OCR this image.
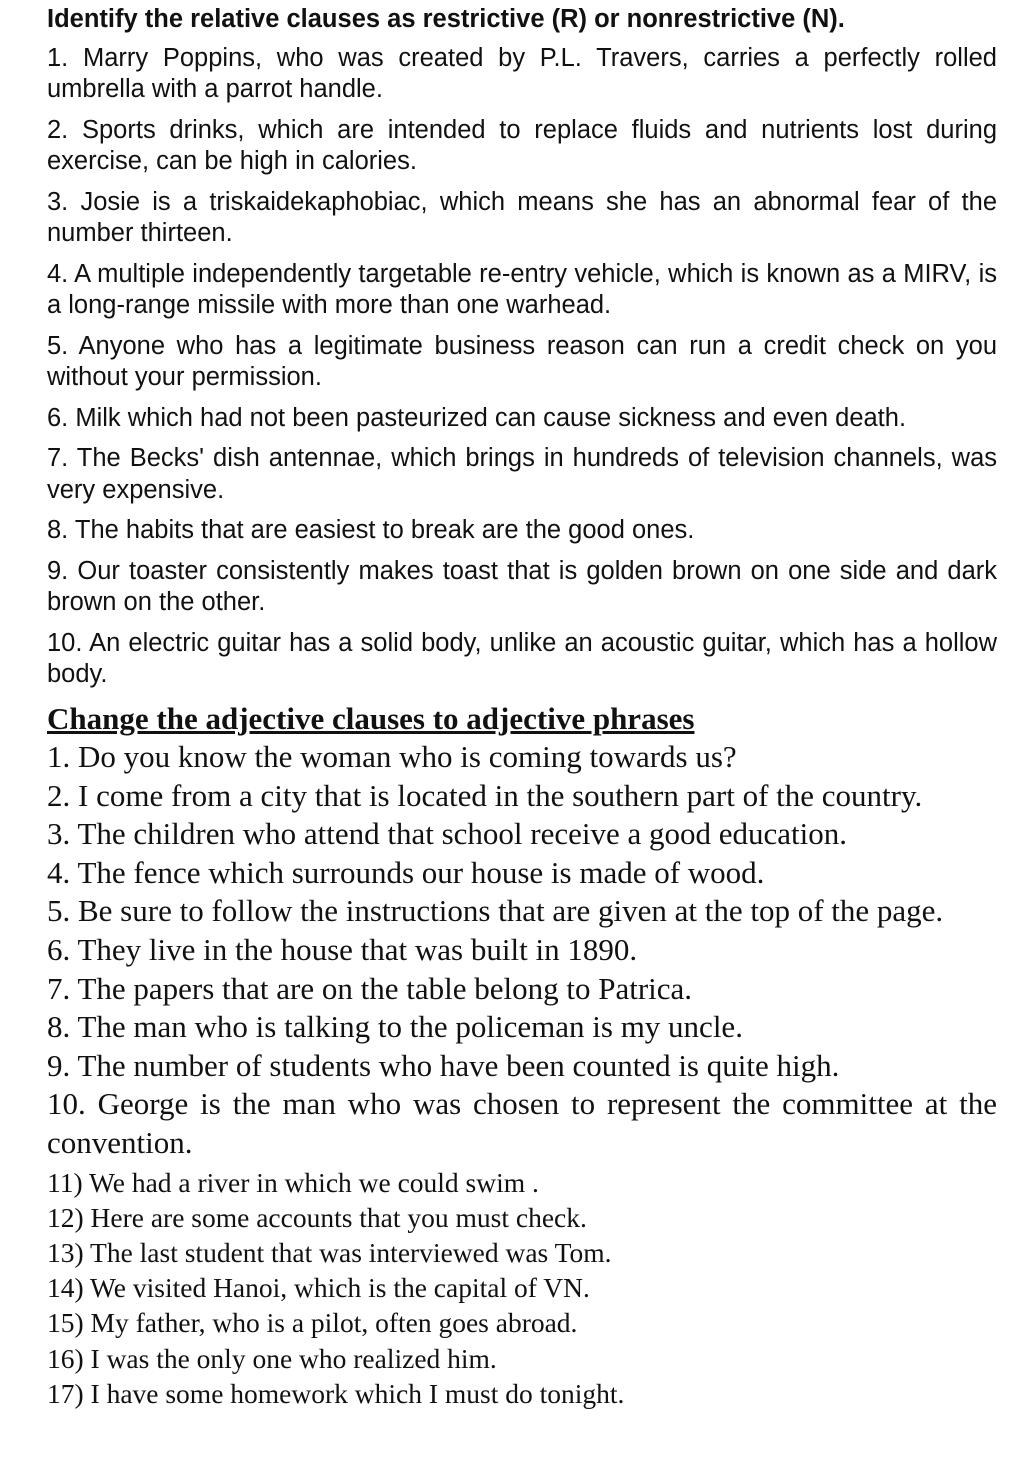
Identify the relative clauses as restrictive (R) or nonrestrictive (N).
1. Marry Poppins, who was created by P.L. Travers, carries a perfectly rolled umbrella with a parrot handle.
2. Sports drinks, which are intended to replace fluids and nutrients lost during exercise, can be high in calories.
3. Josie is a triskaidekaphobiac, which means she has an abnormal fear of the number thirteen.
4. A multiple independently targetable re-entry vehicle, which is known as a MIRV, is a long-range missile with more than one warhead.
5. Anyone who has a legitimate business reason can run a credit check on you without your permission.
6. Milk which had not been pasteurized can cause sickness and even death.
7. The Becks' dish antennae, which brings in hundreds of television channels, was very expensive.
8. The habits that are easiest to break are the good ones.
9. Our toaster consistently makes toast that is golden brown on one side and dark brown on the other.
10. An electric guitar has a solid body, unlike an acoustic guitar, which has a hollow body.
Change the adjective clauses to adjective phrases
1. Do you know the woman who is coming towards us?
2. I come from a city that is located in the southern part of the country.
3. The children who attend that school receive a good education.
4. The fence which surrounds our house is made of wood.
5. Be sure to follow the instructions that are given at the top of the page.
6. They live in the house that was built in 1890.
7. The papers that are on the table belong to Patrica.
8. The man who is talking to the policeman is my uncle.
9. The number of students who have been counted is quite high.
10. George is the man who was chosen to represent the committee at the convention.
11) We had a river in which we could swim .
12) Here are some accounts that you must check.
13) The last student that was interviewed was Tom.
14) We visited Hanoi, which is the capital of VN.
15) My father, who is a pilot, often goes abroad.
16) I was the only one who realized him.
17) I have some homework which I must do tonight.
